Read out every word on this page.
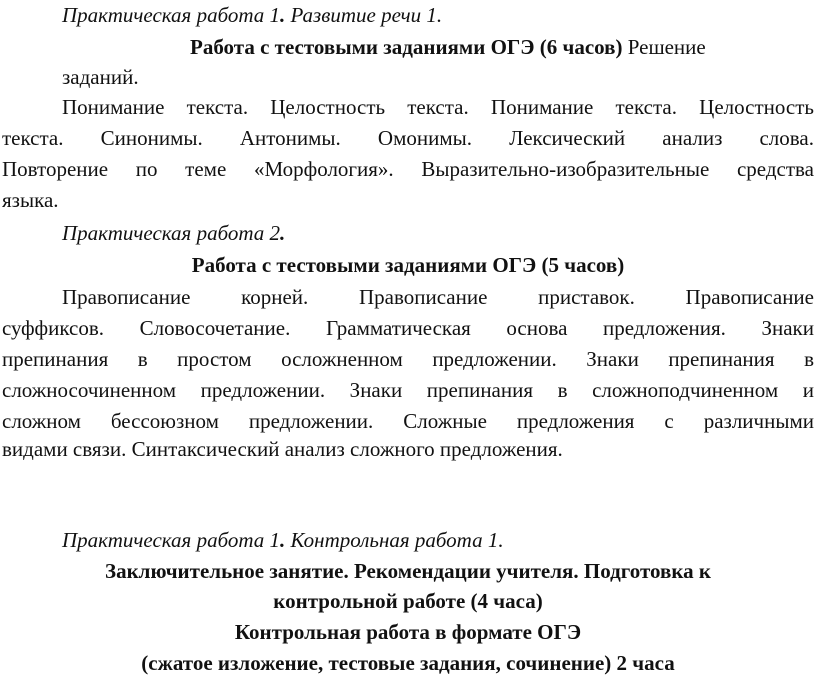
Практическая работа 1. Развитие речи 1.
Работа с тестовыми заданиями ОГЭ (6 часов) Решение
заданий.
Понимание текста. Целостность текста. Понимание текста. Целостность
текста. Синонимы. Антонимы. Омонимы. Лексический анализ слова.
Повторение по теме «Морфология». Выразительно-изобразительные средства
языка.
Практическая работа 2.
Работа с тестовыми заданиями ОГЭ (5 часов)
Правописание корней. Правописание приставок. Правописание
суффиксов. Словосочетание. Грамматическая основа предложения. Знаки
препинания в простом осложненном предложении. Знаки препинания в
сложносочиненном предложении. Знаки препинания в сложноподчиненном и
сложном бессоюзном предложении. Сложные предложения с различными
видами связи. Синтаксический анализ сложного предложения.
Практическая работа 1. Контрольная работа 1.
Заключительное занятие. Рекомендации учителя. Подготовка к
контрольной работе (4 часа)
Контрольная работа в формате ОГЭ
(сжатое изложение, тестовые задания, сочинение) 2 часа
